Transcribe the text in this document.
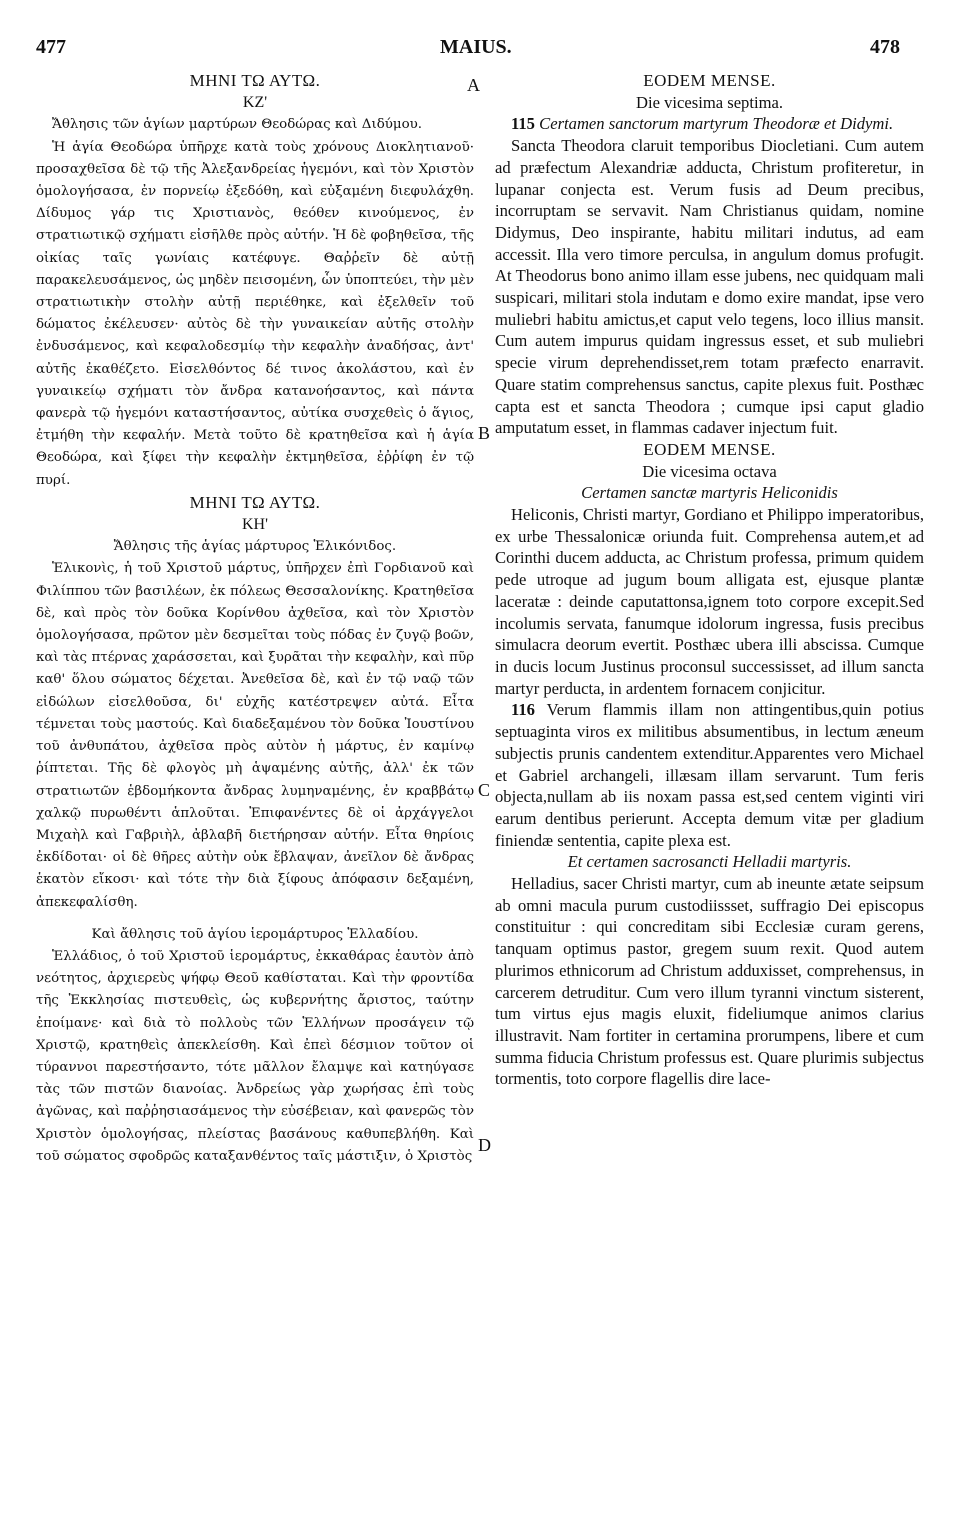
477	MAIUS.	478
A
B
C
D

ΜΗΝΙ ΤΩ ΑΥΤΩ.

ΚΖ'

Ἄθλησις τῶν ἁγίων μαρτύρων Θεοδώρας καὶ Διδύμου.

Ἡ ἁγία Θεοδώρα ὑπῆρχε κατὰ τοὺς χρόνους Διοκλητιανοῦ· προσαχθεῖσα δὲ τῷ τῆς Ἀλεξανδρείας ἡγεμόνι, καὶ τὸν Χριστὸν ὁμολογήσασα, ἐν πορνείῳ ἐξεδόθη, καὶ εὐξαμένη διεφυλάχθη. Δίδυμος γάρ τις Χριστιανὸς, θεόθεν κινούμενος, ἐν στρατιωτικῷ σχήματι εἰσῆλθε πρὸς αὐτήν. Ἡ δὲ φοβηθεῖσα, τῆς οἰκίας ταῖς γωνίαις κατέφυγε. Θαῤῥεῖν δὲ αὐτῇ παρακελευσάμενος, ὡς μηδὲν πεισομένη, ὧν ὑποπτεύει, τὴν μὲν στρατιωτικὴν στολὴν αὐτῇ περιέθηκε, καὶ ἐξελθεῖν τοῦ δώματος ἐκέλευσεν· αὐτὸς δὲ τὴν γυναικείαν αὐτῆς στολὴν ἐνδυσάμενος, καὶ κεφαλοδεσμίῳ τὴν κεφαλὴν ἀναδήσας, ἀντ' αὐτῆς ἐκαθέζετο. Εἰσελθόντος δέ τινος ἀκολάστου, καὶ ἐν γυναικείῳ σχήματι τὸν ἄνδρα κατανοήσαντος, καὶ πάντα φανερὰ τῷ ἡγεμόνι καταστήσαντος, αὐτίκα συσχεθεὶς ὁ ἅγιος, ἐτμήθη τὴν κεφαλήν. Μετὰ τοῦτο δὲ κρατηθεῖσα καὶ ἡ ἁγία Θεοδώρα, καὶ ξίφει τὴν κεφαλὴν ἐκτμηθεῖσα, ἐῤῥίφη ἐν τῷ πυρί.

ΜΗΝΙ ΤΩ ΑΥΤΩ.

ΚΗ'

Ἄθλησις τῆς ἁγίας μάρτυρος Ἑλικόνιδος.

Ἑλικονὶς, ἡ τοῦ Χριστοῦ μάρτυς, ὑπῆρχεν ἐπὶ Γορδιανοῦ καὶ Φιλίππου τῶν βασιλέων, ἐκ πόλεως Θεσσαλονίκης. Κρατηθεῖσα δὲ, καὶ πρὸς τὸν δοῦκα Κορίνθου ἀχθεῖσα, καὶ τὸν Χριστὸν ὁμολογήσασα, πρῶτον μὲν δεσμεῖται τοὺς πόδας ἐν ζυγῷ βοῶν, καὶ τὰς πτέρνας χαράσσεται, καὶ ξυρᾶται τὴν κεφαλὴν, καὶ πῦρ καθ' ὅλου σώματος δέχεται. Ἀνεθεῖσα δὲ, καὶ ἐν τῷ ναῷ τῶν εἰδώλων εἰσελθοῦσα, δι' εὐχῆς κατέστρεψεν αὐτά. Εἶτα τέμνεται τοὺς μαστούς. Καὶ διαδεξαμένου τὸν δοῦκα Ἰουστίνου τοῦ ἀνθυπάτου, ἀχθεῖσα πρὸς αὐτὸν ἡ μάρτυς, ἐν καμίνῳ ῥίπτεται. Τῆς δὲ φλογὸς μὴ ἁψαμένης αὐτῆς, ἀλλ' ἐκ τῶν στρατιωτῶν ἑβδομήκοντα ἄνδρας λυμηναμένης, ἐν κραββάτῳ χαλκῷ πυρωθέντι ἁπλοῦται. Ἐπιφανέντες δὲ οἱ ἀρχάγγελοι Μιχαὴλ καὶ Γαβριὴλ, ἀβλαβῆ διετήρησαν αὐτήν. Εἶτα θηρίοις ἐκδίδοται· οἱ δὲ θῆρες αὐτὴν οὐκ ἔβλαψαν, ἀνεῖλον δὲ ἄνδρας ἑκατὸν εἴκοσι· καὶ τότε τὴν διὰ ξίφους ἀπόφασιν δεξαμένη, ἀπεκεφαλίσθη.

Καὶ ἄθλησις τοῦ ἁγίου ἱερομάρτυρος Ἑλλαδίου.

Ἑλλάδιος, ὁ τοῦ Χριστοῦ ἱερομάρτυς, ἐκκαθάρας ἑαυτὸν ἀπὸ νεότητος, ἀρχιερεὺς ψήφῳ Θεοῦ καθίσταται. Καὶ τὴν φροντίδα τῆς Ἐκκλησίας πιστευθεὶς, ὡς κυβερνήτης ἄριστος, ταύτην ἐποίμανε· καὶ διὰ τὸ πολλοὺς τῶν Ἑλλήνων προσάγειν τῷ Χριστῷ, κρατηθεὶς ἀπεκλείσθη. Καὶ ἐπεὶ δέσμιον τοῦτον οἱ τύραννοι παρεστήσαντο, τότε μᾶλλον ἔλαμψε καὶ κατηύγασε τὰς τῶν πιστῶν διανοίας. Ἀνδρείως γὰρ χωρήσας ἐπὶ τοὺς ἀγῶνας, καὶ παῤῥησιασάμενος τὴν εὐσέβειαν, καὶ φανερῶς τὸν Χριστὸν ὁμολογήσας, πλείστας βασάνους καθυπεβλήθη. Καὶ τοῦ σώματος σφοδρῶς καταξανθέντος ταῖς μάστιξιν, ὁ Χριστὸς

EODEM MENSE.

Die vicesima septima.

115 Certamen sanctorum martyrum Theodoræ et Didymi.

Sancta Theodora claruit temporibus Diocletiani. Cum autem ad præfectum Alexandriæ adducta, Christum profiteretur, in lupanar conjecta est. Verum fusis ad Deum precibus, incorruptam se servavit. Nam Christianus quidam, nomine Didymus, Deo inspirante, habitu militari indutus, ad eam accessit. Illa vero timore perculsa, in angulum domus profugit. At Theodorus bono animo illam esse jubens, nec quidquam mali suspicari, militari stola indutam e domo exire mandat, ipse vero muliebri habitu amictus,et caput velo tegens, loco illius mansit. Cum autem impurus quidam ingressus esset, et sub muliebri specie virum deprehendisset,rem totam præfecto enarravit. Quare statim comprehensus sanctus, capite plexus fuit. Posthæc capta est et sancta Theodora ; cumque ipsi caput gladio amputatum esset, in flammas cadaver injectum fuit.

EODEM MENSE.

Die vicesima octava

Certamen sanctæ martyris Heliconidis

Heliconis, Christi martyr, Gordiano et Philippo imperatoribus, ex urbe Thessalonicæ oriunda fuit. Comprehensa autem,et ad Corinthi ducem adducta, ac Christum professa, primum quidem pede utroque ad jugum boum alligata est, ejusque plantæ laceratæ : deinde caputattonsa,ignem toto corpore excepit.Sed incolumis servata, fanumque idolorum ingressa, fusis precibus simulacra deorum evertit. Posthæc ubera illi abscissa. Cumque in ducis locum Justinus proconsul successisset, ad illum sancta martyr perducta, in ardentem fornacem conjicitur.

116 Verum flammis illam non attingentibus,quin potius septuaginta viros ex militibus absumentibus, in lectum æneum subjectis prunis candentem extenditur.Apparentes vero Michael et Gabriel archangeli, illæsam illam servarunt. Tum feris objecta,nullam ab iis noxam passa est,sed centem viginti viri earum dentibus perierunt. Accepta demum vitæ per gladium finiendæ sententia, capite plexa est.

Et certamen sacrosancti Helladii martyris.

Helladius, sacer Christi martyr, cum ab ineunte ætate seipsum ab omni macula purum custodiissset, suffragio Dei episcopus constituitur : qui concreditam sibi Ecclesiæ curam gerens, tanquam optimus pastor, gregem suum rexit. Quod autem plurimos ethnicorum ad Christum adduxisset, comprehensus, in carcerem detruditur. Cum vero illum tyranni vinctum sisterent, tum virtus ejus magis eluxit, fideliumque animos clarius illustravit. Nam fortiter in certamina prorumpens, libere et cum summa fiducia Christum professus est. Quare plurimis subjectus tormentis, toto corpore flagellis dire lace-
